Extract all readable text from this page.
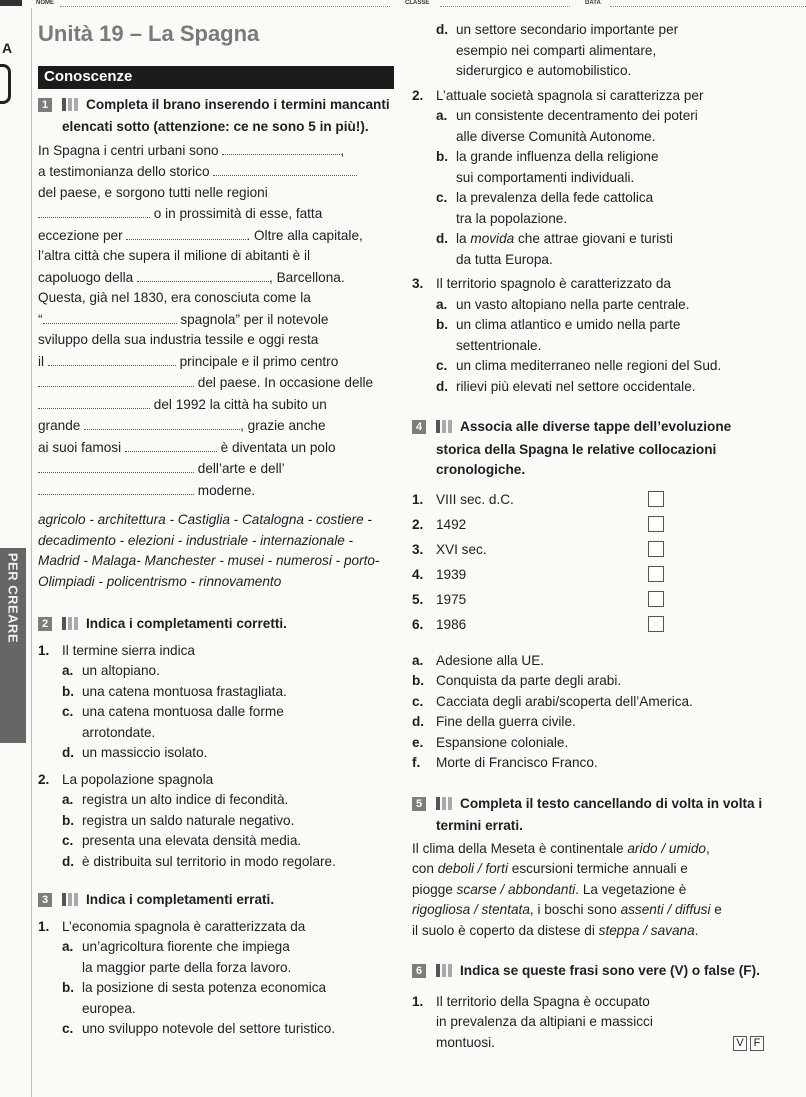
NOME	CLASSE	DATA
A
PER CREARE
Unità 19 – La Spagna
Conoscenze
1	Completa il brano inserendo i termini mancanti elencati sotto (attenzione: ce ne sono 5 in più!).
In Spagna i centri urbani sono	,
a testimonianza dello storico
del paese, e sorgono tutti nelle regioni
o in prossimità di esse, fatta
eccezione per	. Oltre alla capitale,
l’altra città che supera il milione di abitanti è il
capoluogo della	, Barcellona.
Questa, già nel 1830, era conosciuta come la
“	spagnola” per il notevole
sviluppo della sua industria tessile e oggi resta
il	principale e il primo centro
del paese. In occasione delle
del 1992 la città ha subito un
grande	, grazie anche
ai suoi famosi	è diventata un polo
dell’arte e dell’
moderne.
agricolo - architettura - Castiglia - Catalogna - costiere - decadimento - elezioni - industriale - internazionale - Madrid - Malaga- Manchester - musei - numerosi - porto- Olimpiadi - policentrismo - rinnovamento
2	Indica i completamenti corretti.
1. Il termine sierra indica
a. un altopiano.
b. una catena montuosa frastagliata.
c. una catena montuosa dalle forme
arrotondate.
d. un massiccio isolato.
2. La popolazione spagnola
a. registra un alto indice di fecondità.
b. registra un saldo naturale negativo.
c. presenta una elevata densità media.
d. è distribuita sul territorio in modo regolare.
3	Indica i completamenti errati.
1. L’economia spagnola è caratterizzata da
a. un’agricoltura fiorente che impiega
la maggior parte della forza lavoro.
b. la posizione di sesta potenza economica
europea.
c. uno sviluppo notevole del settore turistico.
d. un settore secondario importante per
esempio nei comparti alimentare,
siderurgico e automobilistico.
2. L’attuale società spagnola si caratterizza per
a. un consistente decentramento dei poteri
alle diverse Comunità Autonome.
b. la grande influenza della religione
sui comportamenti individuali.
c. la prevalenza della fede cattolica
tra la popolazione.
d. la movida che attrae giovani e turisti
da tutta Europa.
3. Il territorio spagnolo è caratterizzato da
a. un vasto altopiano nella parte centrale.
b. un clima atlantico e umido nella parte
settentrionale.
c. un clima mediterraneo nelle regioni del Sud.
d. rilievi più elevati nel settore occidentale.
4	Associa alle diverse tappe dell’evoluzione storica della Spagna le relative collocazioni cronologiche.
1. VIII sec. d.C.
2. 1492
3. XVI sec.
4. 1939
5. 1975
6. 1986
a. Adesione alla UE.
b. Conquista da parte degli arabi.
c. Cacciata degli arabi/scoperta dell’America.
d. Fine della guerra civile.
e. Espansione coloniale.
f. Morte di Francisco Franco.
5	Completa il testo cancellando di volta in volta i termini errati.
Il clima della Meseta è continentale arido / umido,
con deboli / forti escursioni termiche annuali e
piogge scarse / abbondanti. La vegetazione è
rigogliosa / stentata, i boschi sono assenti / diffusi e
il suolo è coperto da distese di steppa / savana.
6	Indica se queste frasi sono vere (V) o false (F).
1. Il territorio della Spagna è occupato
in prevalenza da altipiani e massicci
montuosi.	V F
